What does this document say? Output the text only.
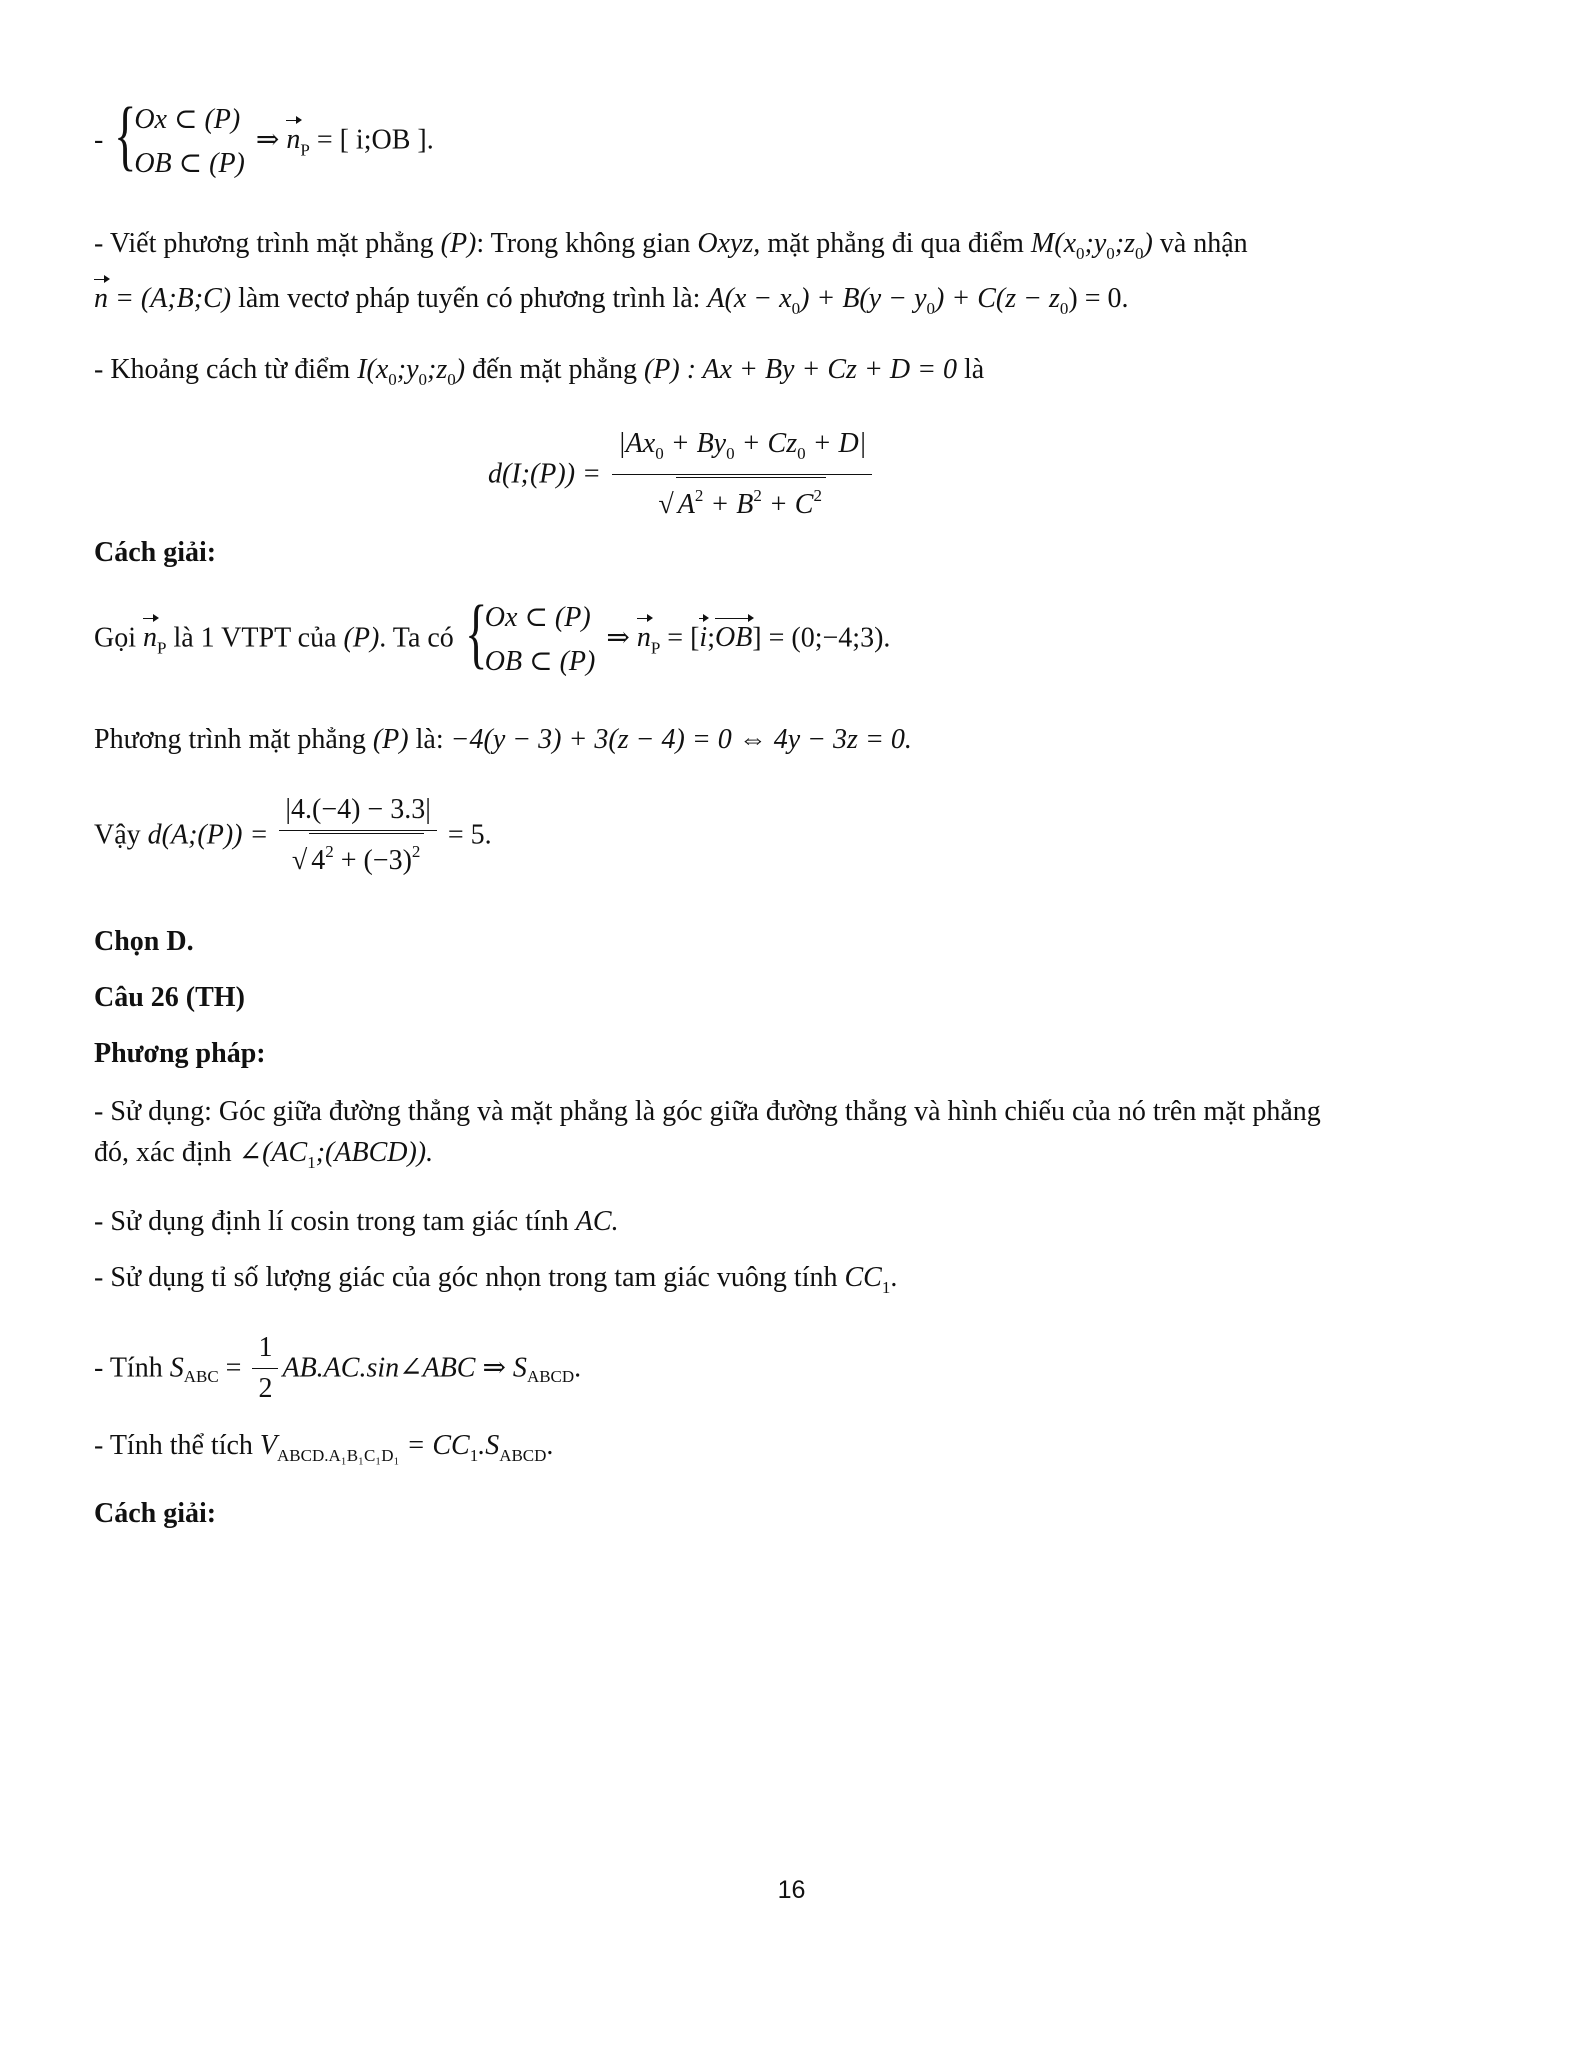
- {
Ox ⊂ (P)
OB ⊂ (P)
⇒ $n_P$ = [ i;OB ].
- Viết phương trình mặt phẳng (P): Trong không gian Oxyz, mặt phẳng đi qua điểm $M(x_0;y_0;z_0)$ và nhận
n = (A;B;C) làm vectơ pháp tuyến có phương trình là: $A(x - x_0) + B(y - y_0) + C(z - z_0) = 0$.
- Khoảng cách từ điểm $I(x_0;y_0;z_0)$ đến mặt phẳng (P) : Ax + By + Cz + D = 0 là
d(I;(P)) = $\frac{|Ax_0 + By_0 + Cz_0 + D|}{√ A^2 + B^2 + C^2}$
Cách giải:
Gọi $n_P$ là 1 VTPT của (P). Ta có {
Ox ⊂ (P)
OB ⊂ (P)
⇒ $n_P$ = [i;OB] = (0;−4;3).
Phương trình mặt phẳng (P) là: −4(y − 3) + 3(z − 4) = 0 ⇔ 4y − 3z = 0.
Vậy d(A;(P)) = $\frac{|4.(-4) - 3.3|}{√ 4^2 + (-3)^2} = 5$.
Chọn D.
Câu 26 (TH)
Phương pháp:
- Sử dụng: Góc giữa đường thẳng và mặt phẳng là góc giữa đường thẳng và hình chiếu của nó trên mặt phẳng
đó, xác định $\angle(AC_1;(ABCD))$.
- Sử dụng định lí cosin trong tam giác tính AC.
- Sử dụng tỉ số lượng giác của góc nhọn trong tam giác vuông tính $CC_1$.
- Tính $S_{ABC} = \frac{1}{2}$ AB.AC.sin∠ABC ⇒ $S_{ABCD}$.
- Tính thể tích $V_{ABCD.A_1B_1C_1D_1} = CC_1.S_{ABCD}$.
Cách giải:
16
